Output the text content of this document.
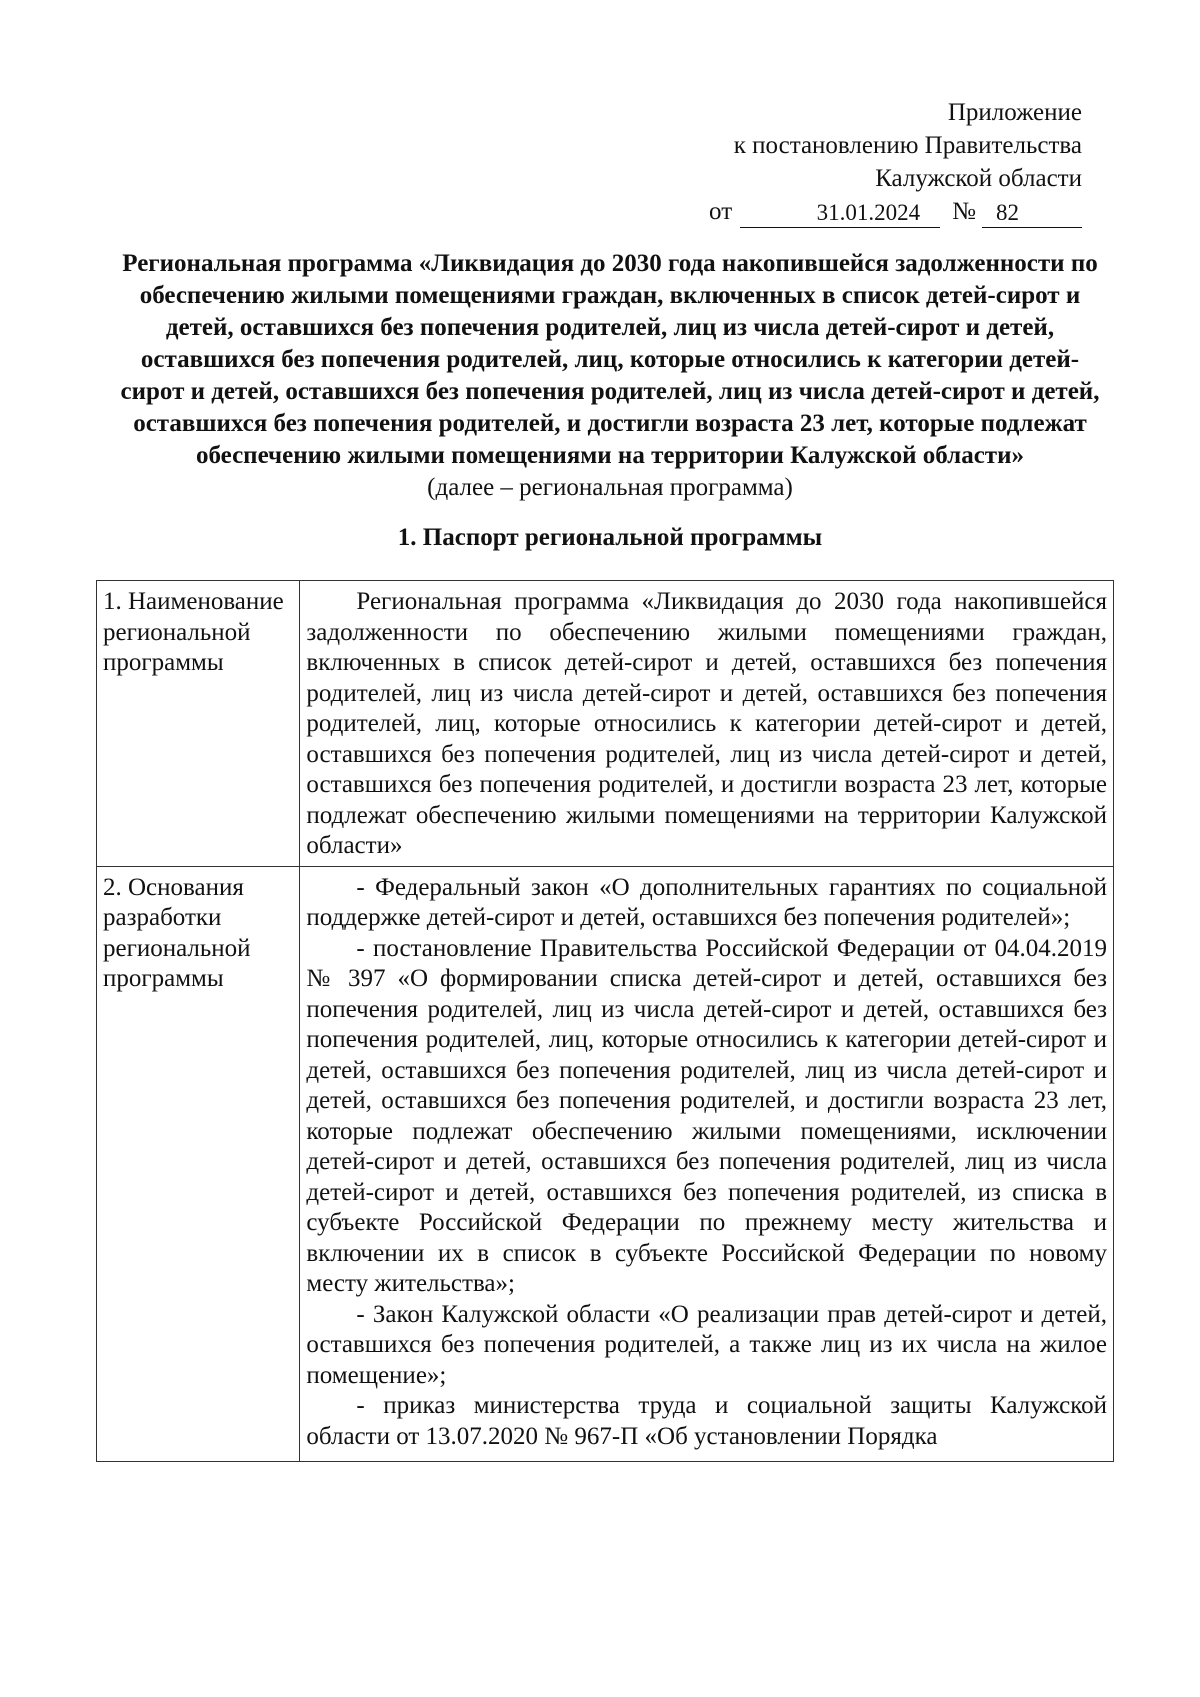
Приложение
к постановлению Правительства
Калужской области
от	31.01.2024	№ 82

Региональная программа «Ликвидация до 2030 года накопившейся задолженности по обеспечению жилыми помещениями граждан, включенных в список детей-сирот и детей, оставшихся без попечения родителей, лиц из числа детей-сирот и детей, оставшихся без попечения родителей, лиц, которые относились к категории детей-сирот и детей, оставшихся без попечения родителей, лиц из числа детей-сирот и детей, оставшихся без попечения родителей, и достигли возраста 23 лет, которые подлежат обеспечению жилыми помещениями на территории Калужской области»

(далее – региональная программа)

1. Паспорт региональной программы
1. Наименование региональной программы	Региональная программа «Ликвидация до 2030 года накопившейся задолженности по обеспечению жилыми помещениями граждан, включенных в список детей-сирот и детей, оставшихся без попечения родителей, лиц из числа детей-сирот и детей, оставшихся без попечения родителей, лиц, которые относились к категории детей-сирот и детей, оставшихся без попечения родителей, лиц из числа детей-сирот и детей, оставшихся без попечения родителей, и достигли возраста 23 лет, которые подлежат обеспечению жилыми помещениями на территории Калужской области»

2. Основания разработки региональной программы	- Федеральный закон «О дополнительных гарантиях по социальной поддержке детей-сирот и детей, оставшихся без попечения родителей»;
- постановление Правительства Российской Федерации от 04.04.2019 № 397 «О формировании списка детей-сирот и детей, оставшихся без попечения родителей, лиц из числа детей-сирот и детей, оставшихся без попечения родителей, лиц, которые относились к категории детей-сирот и детей, оставшихся без попечения родителей, лиц из числа детей-сирот и детей, оставшихся без попечения родителей, и достигли возраста 23 лет, которые подлежат обеспечению жилыми помещениями, исключении детей-сирот и детей, оставшихся без попечения родителей, лиц из числа детей-сирот и детей, оставшихся без попечения родителей, из списка в субъекте Российской Федерации по прежнему месту жительства и включении их в список в субъекте Российской Федерации по новому месту жительства»;
- Закон Калужской области «О реализации прав детей-сирот и детей, оставшихся без попечения родителей, а также лиц из их числа на жилое помещение»;
- приказ министерства труда и социальной защиты Калужской области от 13.07.2020 № 967-П «Об установлении Порядка
